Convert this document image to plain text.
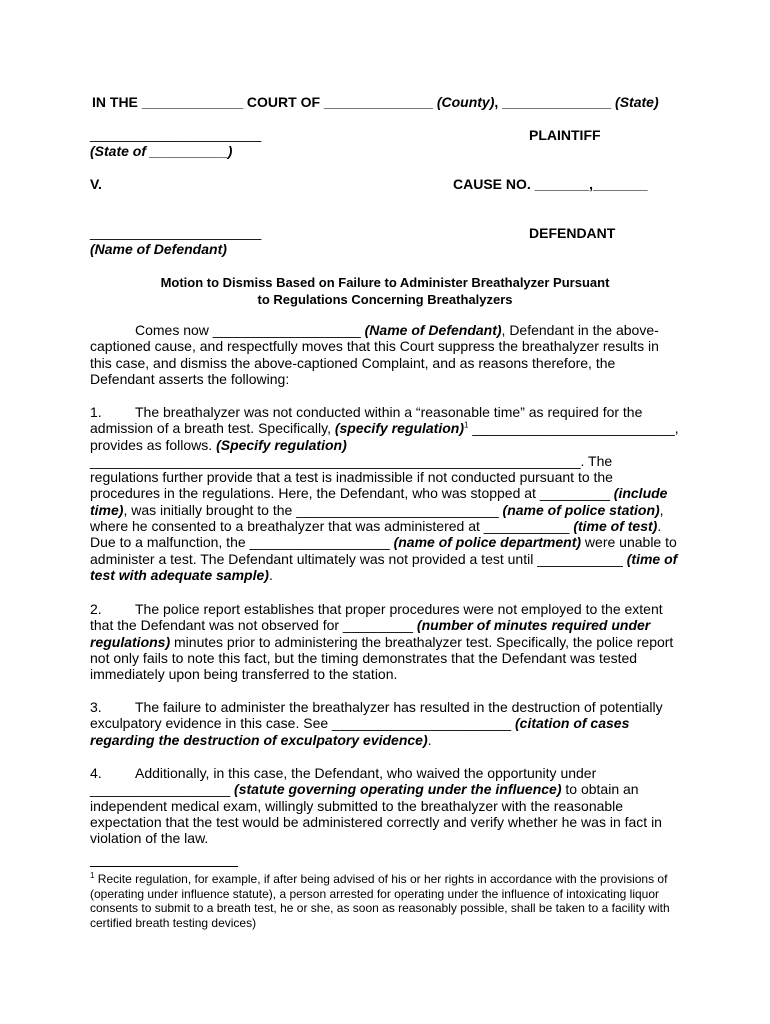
IN THE _____________ COURT OF ______________ (County), ______________ (State)
______________________	PLAINTIFF
(State of __________)
V.	CAUSE NO. _______,_______
______________________	DEFENDANT
(Name of Defendant)
Motion to Dismiss Based on Failure to Administer Breathalyzer Pursuant
to Regulations Concerning Breathalyzers

Comes now ___________________ (Name of Defendant), Defendant in the above-captioned cause, and respectfully moves that this Court suppress the breathalyzer results in this case, and dismiss the above-captioned Complaint, and as reasons therefore, the Defendant asserts the following:

1. The breathalyzer was not conducted within a “reasonable time” as required for the admission of a breath test. Specifically, (specify regulation)$^1$ __________________________, provides as follows. (Specify regulation) _______________________________________________________________. The regulations further provide that a test is inadmissible if not conducted pursuant to the procedures in the regulations. Here, the Defendant, who was stopped at _________ (include time), was initially brought to the __________________________ (name of police station), where he consented to a breathalyzer that was administered at ___________ (time of test). Due to a malfunction, the __________________ (name of police department) were unable to administer a test. The Defendant ultimately was not provided a test until ___________ (time of test with adequate sample).

2. The police report establishes that proper procedures were not employed to the extent that the Defendant was not observed for _________ (number of minutes required under regulations) minutes prior to administering the breathalyzer test. Specifically, the police report not only fails to note this fact, but the timing demonstrates that the Defendant was tested immediately upon being transferred to the station.

3. The failure to administer the breathalyzer has resulted in the destruction of potentially exculpatory evidence in this case. See _______________________ (citation of cases regarding the destruction of exculpatory evidence).

4. Additionally, in this case, the Defendant, who waived the opportunity under __________________ (statute governing operating under the influence) to obtain an independent medical exam, willingly submitted to the breathalyzer with the reasonable expectation that the test would be administered correctly and verify whether he was in fact in violation of the law.

$^1$ Recite regulation, for example, if after being advised of his or her rights in accordance with the provisions of (operating under influence statute), a person arrested for operating under the influence of intoxicating liquor consents to submit to a breath test, he or she, as soon as reasonably possible, shall be taken to a facility with certified breath testing devices)
